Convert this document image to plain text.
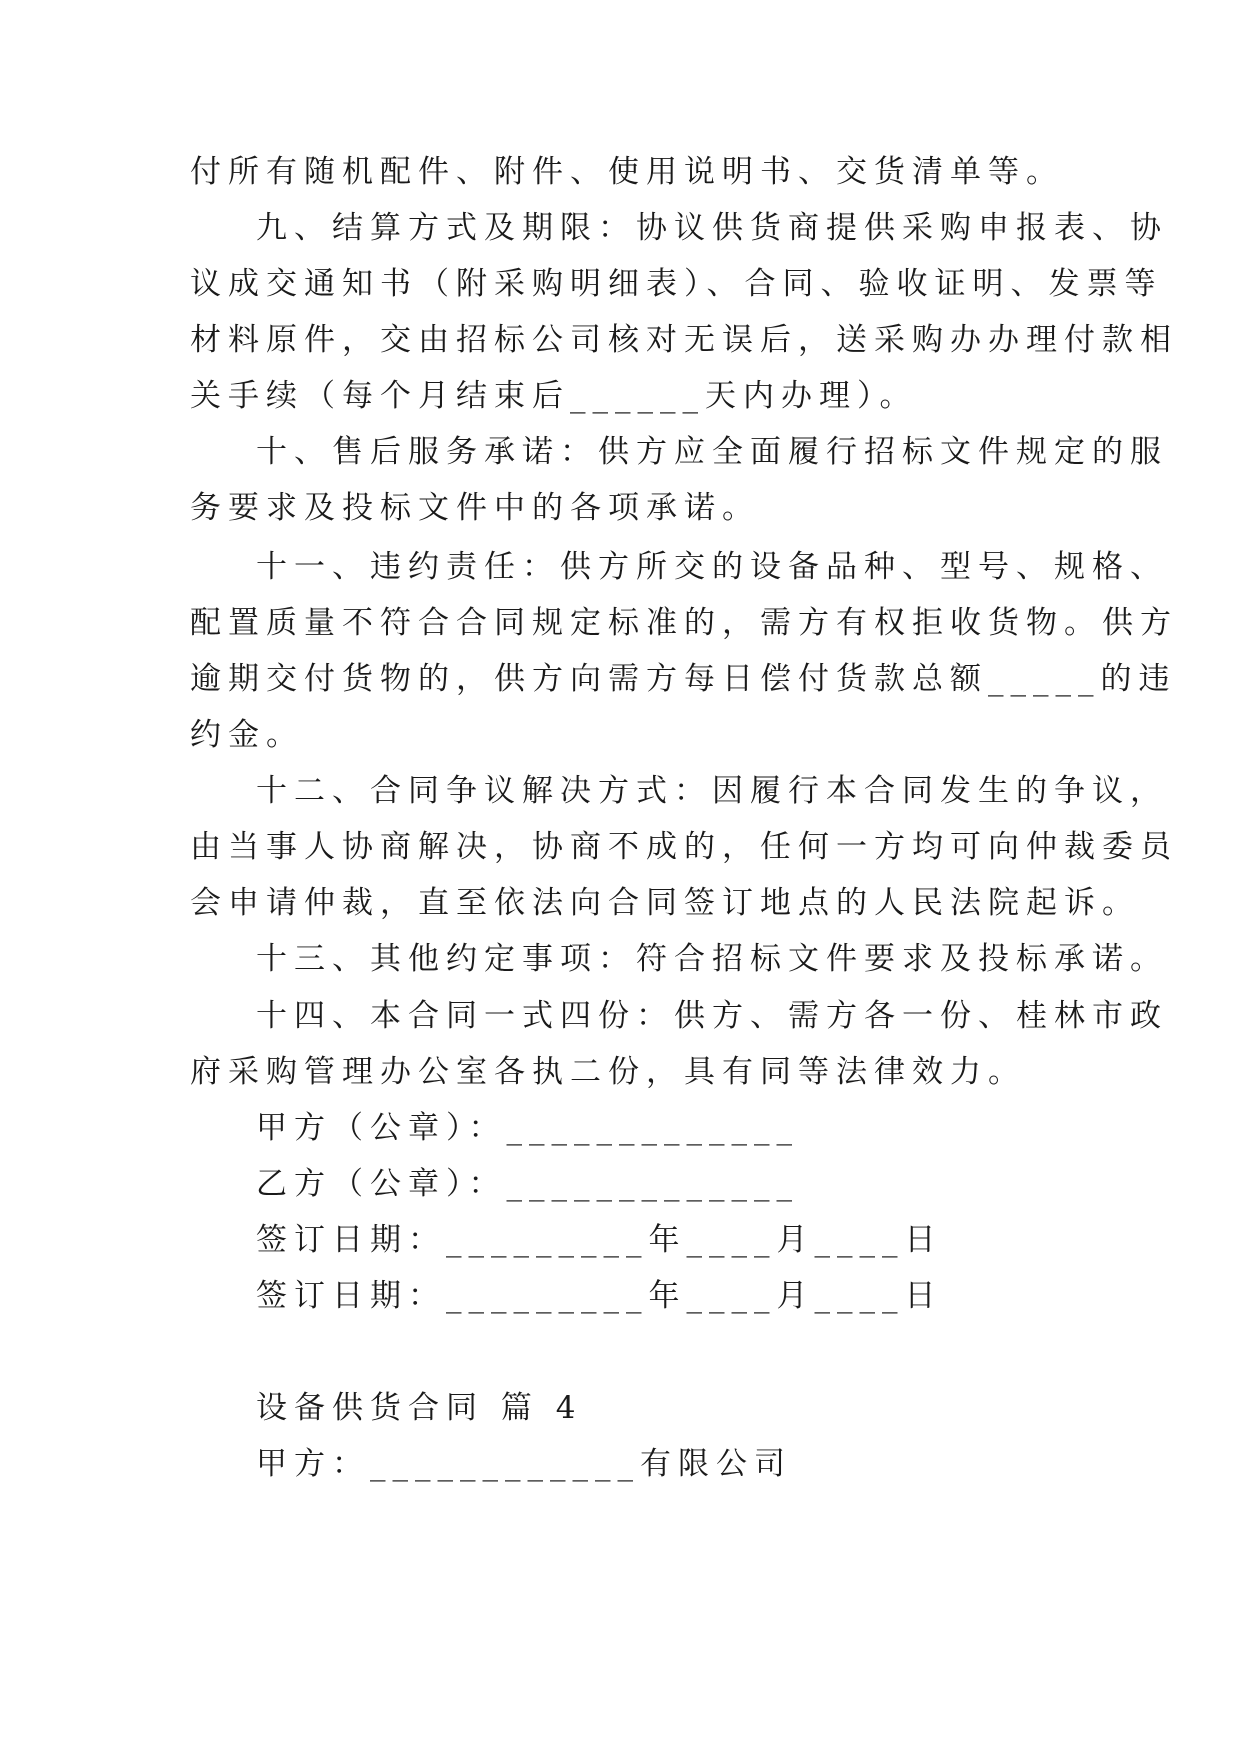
付所有随机配件、附件、使用说明书、交货清单等。
九、结算方式及期限：协议供货商提供采购申报表、协
议成交通知书（附采购明细表）、合同、验收证明、发票等
材料原件，交由招标公司核对无误后，送采购办办理付款相
关手续（每个月结束后______天内办理）。
十、售后服务承诺：供方应全面履行招标文件规定的服
务要求及投标文件中的各项承诺。
十一、违约责任：供方所交的设备品种、型号、规格、
配置质量不符合合同规定标准的，需方有权拒收货物。供方
逾期交付货物的，供方向需方每日偿付货款总额_____的违
约金。
十二、合同争议解决方式：因履行本合同发生的争议，
由当事人协商解决，协商不成的，任何一方均可向仲裁委员
会申请仲裁，直至依法向合同签订地点的人民法院起诉。
十三、其他约定事项：符合招标文件要求及投标承诺。
十四、本合同一式四份：供方、需方各一份、桂林市政
府采购管理办公室各执二份，具有同等法律效力。
甲方（公章）：_____________
乙方（公章）：_____________
签订日期：_________年____月____日
签订日期：_________年____月____日
设备供货合同 篇 4
甲方：____________有限公司
